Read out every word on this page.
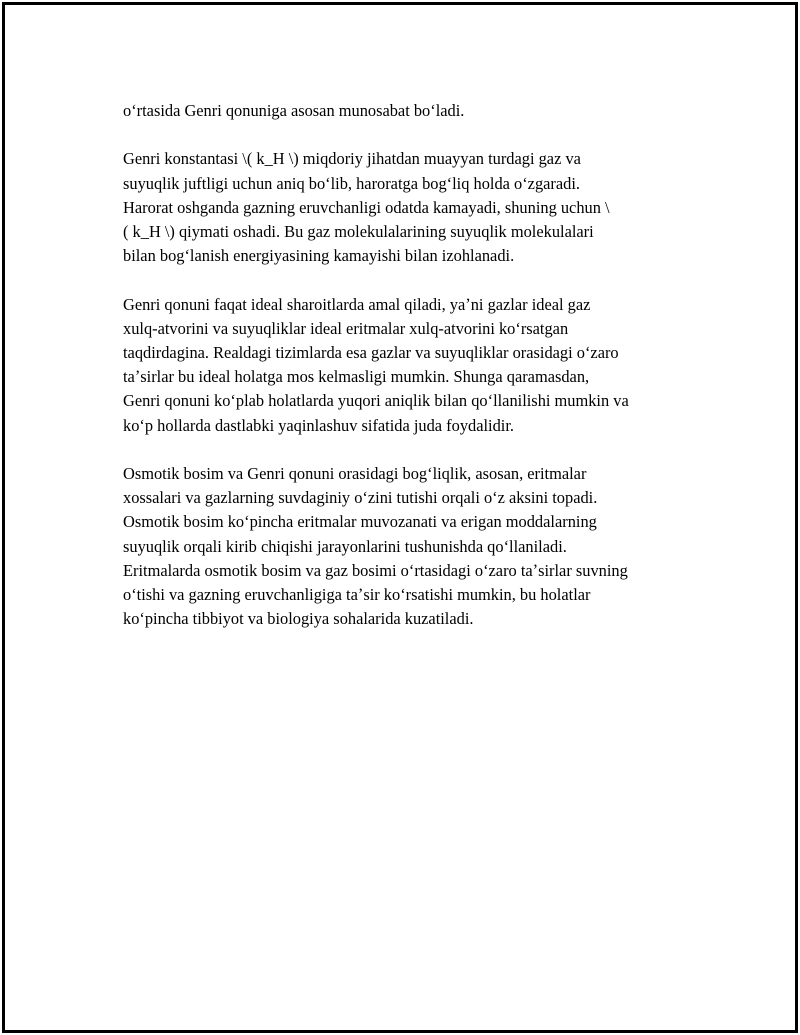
oʻrtasida Genri qonuniga asosan munosabat boʻladi.

Genri konstantasi \( k_H \) miqdoriy jihatdan muayyan turdagi gaz va
suyuqlik juftligi uchun aniq boʻlib, haroratga bogʻliq holda oʻzgaradi.
Harorat oshganda gazning eruvchanligi odatda kamayadi, shuning uchun \
( k_H \) qiymati oshadi. Bu gaz molekulalarining suyuqlik molekulalari
bilan bogʻlanish energiyasining kamayishi bilan izohlanadi.

Genri qonuni faqat ideal sharoitlarda amal qiladi, yaʼni gazlar ideal gaz
xulq-atvorini va suyuqliklar ideal eritmalar xulq-atvorini koʻrsatgan
taqdirdagina. Realdagi tizimlarda esa gazlar va suyuqliklar orasidagi oʻzaro
taʼsirlar bu ideal holatga mos kelmasligi mumkin. Shunga qaramasdan,
Genri qonuni koʻplab holatlarda yuqori aniqlik bilan qoʻllanilishi mumkin va
koʻp hollarda dastlabki yaqinlashuv sifatida juda foydalidir.

Osmotik bosim va Genri qonuni orasidagi bogʻliqlik, asosan, eritmalar
xossalari va gazlarning suvdaginiy oʻzini tutishi orqali oʻz aksini topadi.
Osmotik bosim koʻpincha eritmalar muvozanati va erigan moddalarning
suyuqlik orqali kirib chiqishi jarayonlarini tushunishda qoʻllaniladi.
Eritmalarda osmotik bosim va gaz bosimi oʻrtasidagi oʻzaro taʼsirlar suvning
oʻtishi va gazning eruvchanligiga taʼsir koʻrsatishi mumkin, bu holatlar
koʻpincha tibbiyot va biologiya sohalarida kuzatiladi.
